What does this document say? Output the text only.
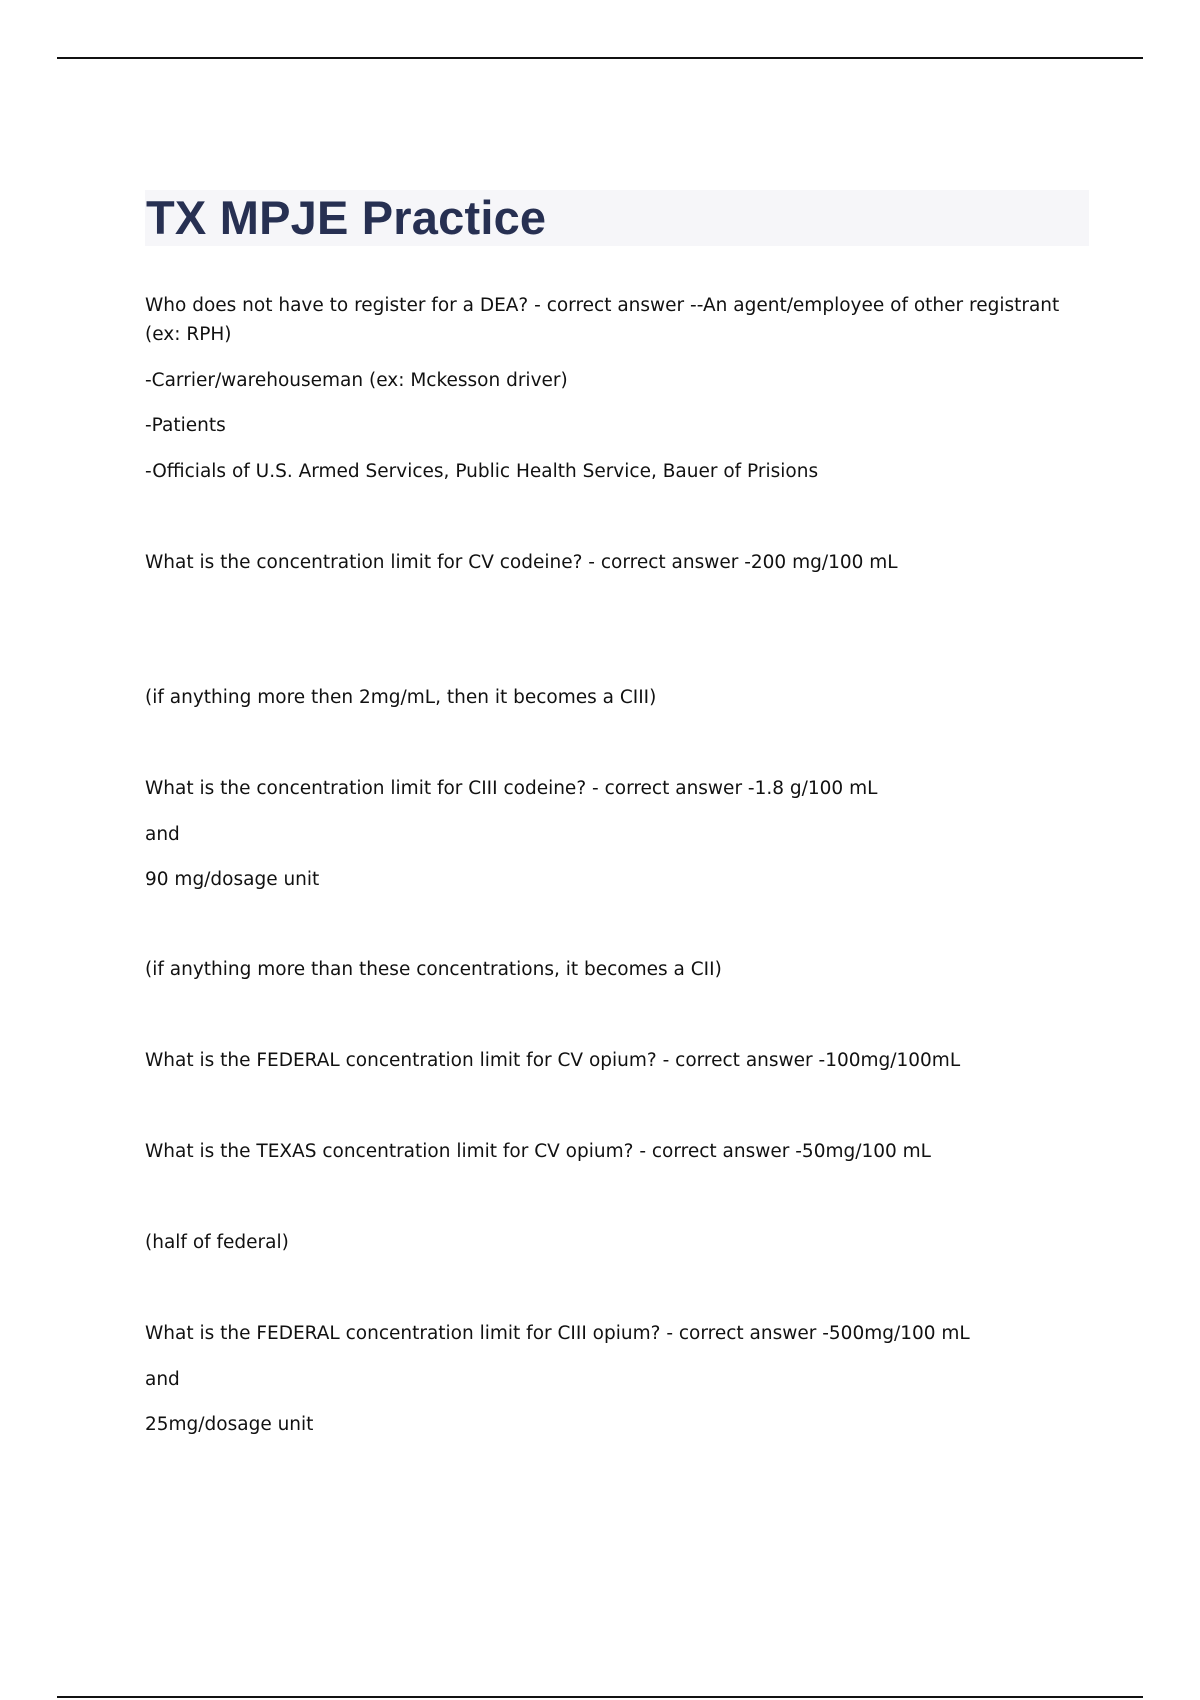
TX MPJE Practice
Who does not have to register for a DEA? - correct answer --An agent/employee of other registrant (ex: RPH)
-Carrier/warehouseman (ex: Mckesson driver)
-Patients
-Officials of U.S. Armed Services, Public Health Service, Bauer of Prisions
What is the concentration limit for CV codeine? - correct answer -200 mg/100 mL
(if anything more then 2mg/mL, then it becomes a CIII)
What is the concentration limit for CIII codeine? - correct answer -1.8 g/100 mL
and
90 mg/dosage unit
(if anything more than these concentrations, it becomes a CII)
What is the FEDERAL concentration limit for CV opium? - correct answer -100mg/100mL
What is the TEXAS concentration limit for CV opium? - correct answer -50mg/100 mL
(half of federal)
What is the FEDERAL concentration limit for CIII opium? - correct answer -500mg/100 mL
and
25mg/dosage unit
